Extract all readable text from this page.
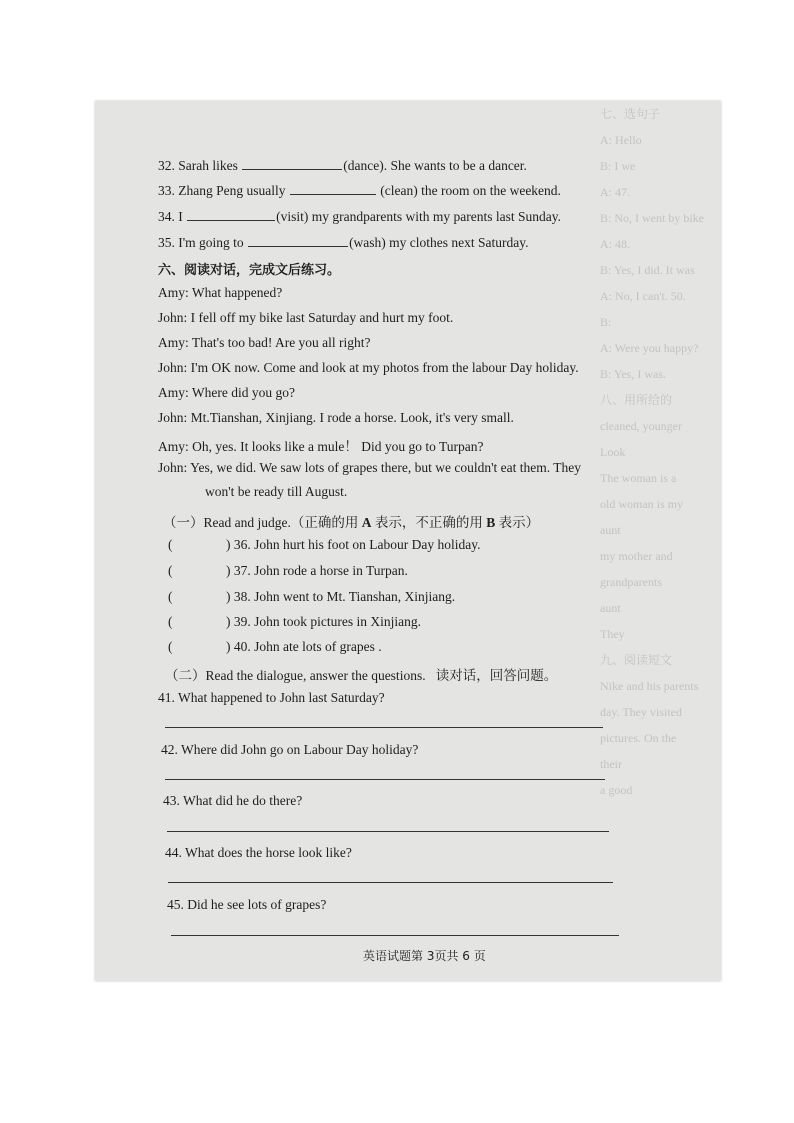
七、选句子
A: Hello
B: I we
A: 47.
B: No, I went by bike
A: 48.
B: Yes, I did. It was
A: No, I can't. 50.
B:
A: Were you happy?
B: Yes, I was.
八、用所给的
cleaned, younger
Look
The woman is a
old woman is my
aunt
my mother and
grandparents
aunt
They
九、阅读短文
Nike and his parents
day. They visited
pictures. On the
their
a good
32. Sarah likes	(dance). She wants to be a dancer.
33. Zhang Peng usually	(clean) the room on the weekend.
34. I	(visit) my grandparents with my parents last Sunday.
35. I'm going to	(wash) my clothes next Saturday.
六、阅读对话，完成文后练习。
Amy: What happened?
John: I fell off my bike last Saturday and hurt my foot.
Amy: That's too bad! Are you all right?
John: I'm OK now. Come and look at my photos from the labour Day holiday.
Amy: Where did you go?
John: Mt.Tianshan, Xinjiang. I rode a horse. Look, it's very small.
Amy: Oh, yes. It looks like a mule！ Did you go to Turpan?
John: Yes, we did. We saw lots of grapes there, but we couldn't eat them. They
won't be ready till August.
（一）Read and judge.（正确的用 A 表示，不正确的用 B 表示）
(	) 36. John hurt his foot on Labour Day holiday.
(	) 37. John rode a horse in Turpan.
(	) 38. John went to Mt. Tianshan, Xinjiang.
(	) 39. John took pictures in Xinjiang.
(	) 40. John ate lots of grapes .
（二）Read the dialogue, answer the questions. 读对话，回答问题。
41. What happened to John last Saturday?
42. Where did John go on Labour Day holiday?
43. What did he do there?
44. What does the horse look like?
45. Did he see lots of grapes?
英语试题第 3页共 6 页
